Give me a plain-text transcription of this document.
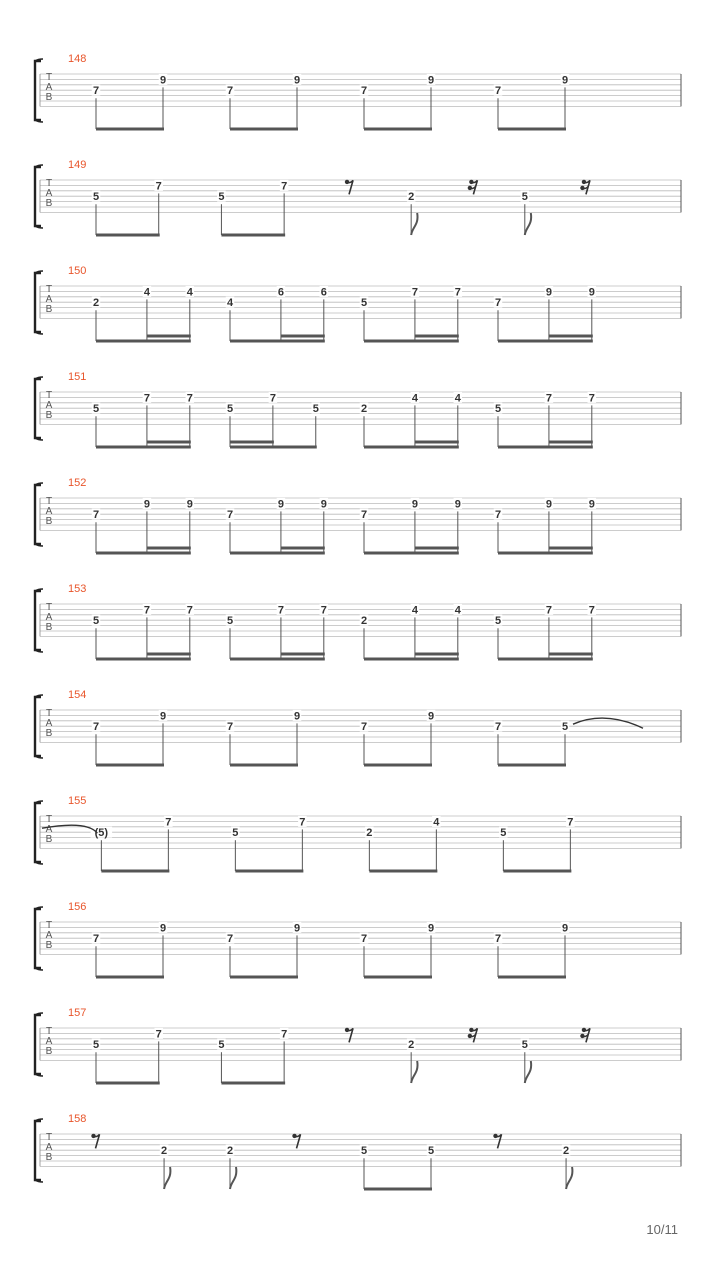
T
A
B
148
7
9
7
9
7
9
7
9
T
A
B
149
5
7
5
7
2	5
T
A
B
150
2
4	4
4
6	6
5
7	7
7
9	9
T
A
B
151
5
7	7
5
7
5	2
4	4
5
7	7
T
A
B
152
7
9	9
7
9	9
7
9	9
7
9	9
T
A
B
153
5
7	7
5
7	7
2
4	4
5
7	7
T
A
B
154
7
9
7
9
7
9
7	5
T
A
B
155
(5)
7
5
7
2
4
5
7
T
A
B
156
7
9
7
9
7
9
7
9
T
A
B
157
5
7
5
7
2	5
T
A
B
158
2	2	5	5	2
10/11
